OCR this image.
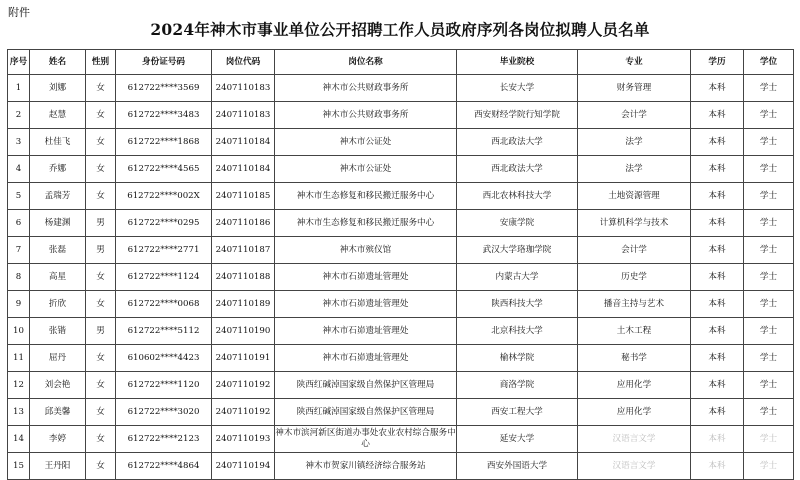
附件
2024年神木市事业单位公开招聘工作人员政府序列各岗位拟聘人员名单
序号	姓名	性别	身份证号码	岗位代码	岗位名称	毕业院校	专业	学历	学位
1	刘娜	女	612722****3569	2407110183	神木市公共财政事务所	长安大学	财务管理	本科	学士
2	赵慧	女	612722****3483	2407110183	神木市公共财政事务所	西安财经学院行知学院	会计学	本科	学士
3	杜佳飞	女	612722****1868	2407110184	神木市公证处	西北政法大学	法学	本科	学士
4	乔娜	女	612722****4565	2407110184	神木市公证处	西北政法大学	法学	本科	学士
5	孟瑞芳	女	612722****002X	2407110185	神木市生态修复和移民搬迁服务中心	西北农林科技大学	土地资源管理	本科	学士
6	杨建渊	男	612722****0295	2407110186	神木市生态修复和移民搬迁服务中心	安康学院	计算机科学与技术	本科	学士
7	张磊	男	612722****2771	2407110187	神木市殡仪馆	武汉大学珞珈学院	会计学	本科	学士
8	高星	女	612722****1124	2407110188	神木市石峁遗址管理处	内蒙古大学	历史学	本科	学士
9	折欣	女	612722****0068	2407110189	神木市石峁遗址管理处	陕西科技大学	播音主持与艺术	本科	学士
10	张锴	男	612722****5112	2407110190	神木市石峁遗址管理处	北京科技大学	土木工程	本科	学士
11	屈丹	女	610602****4423	2407110191	神木市石峁遗址管理处	榆林学院	秘书学	本科	学士
12	刘会艳	女	612722****1120	2407110192	陕西红碱淖国家级自然保护区管理局	商洛学院	应用化学	本科	学士
13	邱美馨	女	612722****3020	2407110192	陕西红碱淖国家级自然保护区管理局	西安工程大学	应用化学	本科	学士
14	李婷	女	612722****2123	2407110193	神木市滨河新区街道办事处农业农村综合服务中心	延安大学	汉语言文学	本科	学士
15	王丹阳	女	612722****4864	2407110194	神木市贺家川镇经济综合服务站	西安外国语大学	汉语言文学	本科	学士
